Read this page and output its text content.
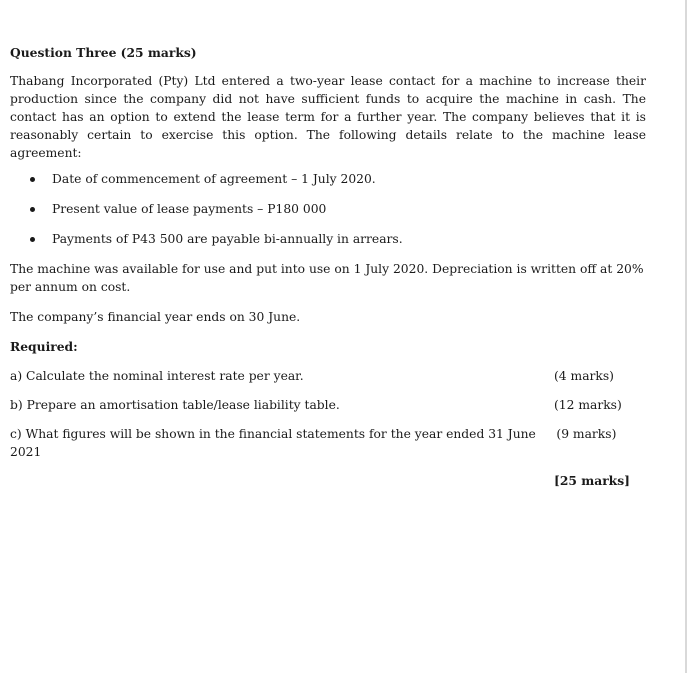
Question Three (25 marks)

Thabang Incorporated (Pty) Ltd entered a two-year lease contact for a machine to increase their production since the company did not have sufficient funds to acquire the machine in cash. The contact has an option to extend the lease term for a further year. The company believes that it is reasonably certain to exercise this option. The following details relate to the machine lease agreement:

Date of commencement of agreement – 1 July 2020.
Present value of lease payments – P180 000
Payments of P43 500 are payable bi-annually in arrears.

The machine was available for use and put into use on 1 July 2020. Depreciation is written off at 20% per annum on cost.

The company’s financial year ends on 30 June.

Required:

a) Calculate the nominal interest rate per year.	(4 marks)
b) Prepare an amortisation table/lease liability table.	(12 marks)
c) What figures will be shown in the financial statements for the year ended 31 June 2021
(9 marks)
[25 marks]
